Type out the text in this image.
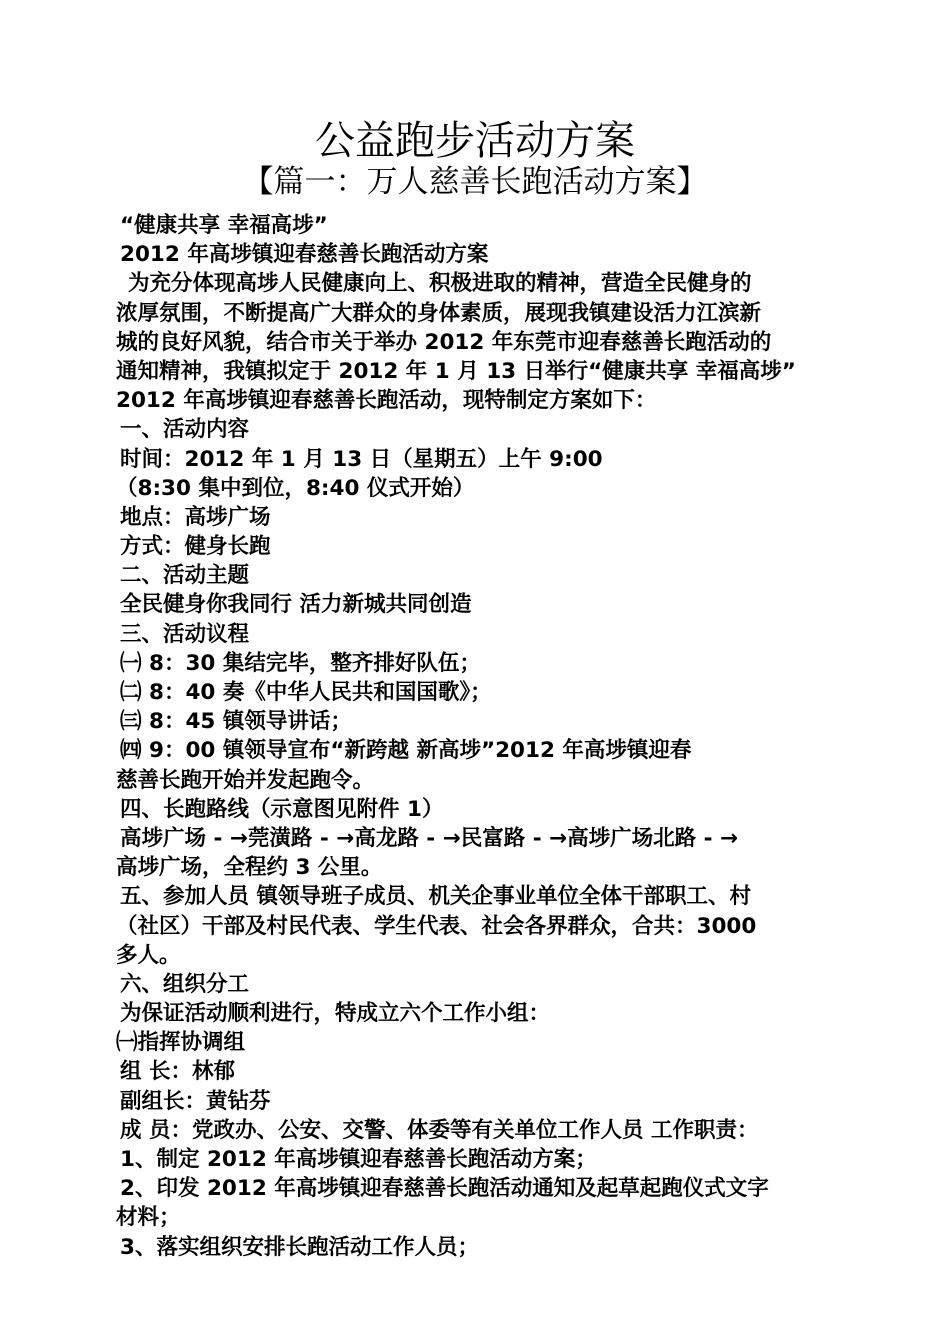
公益跑步活动方案
【篇一：万人慈善长跑活动方案】
“健康共享 幸福高埗”
2012 年高埗镇迎春慈善长跑活动方案
为充分体现高埗人民健康向上、积极进取的精神，营造全民健身的
浓厚氛围，不断提高广大群众的身体素质，展现我镇建设活力江滨新
城的良好风貌，结合市关于举办 2012 年东莞市迎春慈善长跑活动的
通知精神，我镇拟定于 2012 年 1 月 13 日举行“健康共享 幸福高埗”
2012 年高埗镇迎春慈善长跑活动，现特制定方案如下：
一、活动内容
时间：2012 年 1 月 13 日（星期五）上午 9:00
（8:30 集中到位，8:40 仪式开始）
地点：高埗广场
方式：健身长跑
二、活动主题
全民健身你我同行 活力新城共同创造
三、活动议程
㈠ 8：30 集结完毕，整齐排好队伍；
㈡ 8：40 奏《中华人民共和国国歌》；
㈢ 8：45 镇领导讲话；
㈣ 9：00 镇领导宣布“新跨越 新高埗”2012 年高埗镇迎春
慈善长跑开始并发起跑令。
四、长跑路线（示意图见附件 1）
高埗广场 - →莞潢路 - →高龙路 - →民富路 - →高埗广场北路 - →
高埗广场，全程约 3 公里。
五、参加人员 镇领导班子成员、机关企事业单位全体干部职工、村
（社区）干部及村民代表、学生代表、社会各界群众，合共：3000
多人。
六、组织分工
为保证活动顺利进行，特成立六个工作小组：
㈠指挥协调组
组 长：林郁
副组长：黄钻芬
成 员：党政办、公安、交警、体委等有关单位工作人员 工作职责：
1、制定 2012 年高埗镇迎春慈善长跑活动方案；
2、印发 2012 年高埗镇迎春慈善长跑活动通知及起草起跑仪式文字
材料；
3、落实组织安排长跑活动工作人员；
